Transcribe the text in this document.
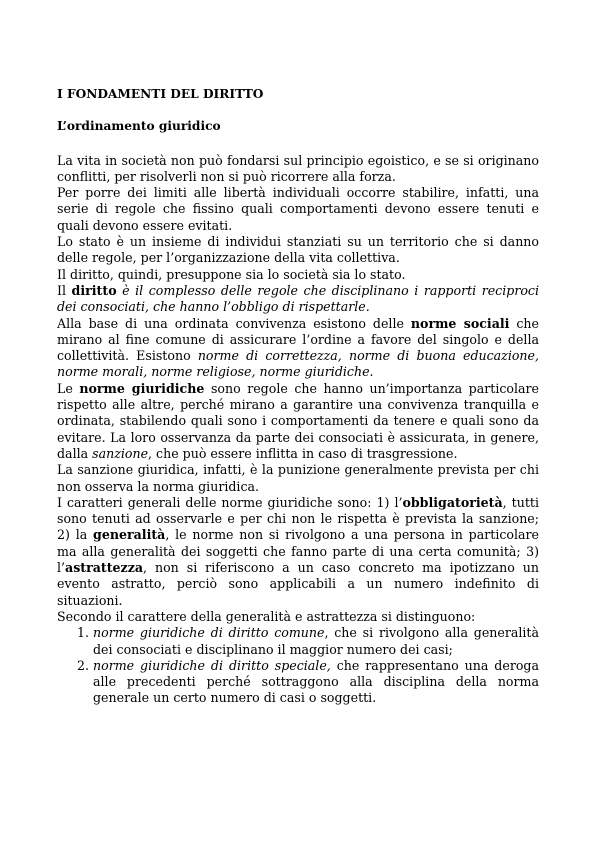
I FONDAMENTI DEL DIRITTO
L’ordinamento giuridico

La vita in società non può fondarsi sul principio egoistico, e se si originano conflitti, per risolverli non si può ricorrere alla forza.

Per porre dei limiti alle libertà individuali occorre stabilire, infatti, una serie di regole che fissino quali comportamenti devono essere tenuti e quali devono essere evitati.

Lo stato è un insieme di individui stanziati su un territorio che si danno delle regole, per l’organizzazione della vita collettiva.

Il diritto, quindi, presuppone sia lo società sia lo stato.

Il diritto è il complesso delle regole che disciplinano i rapporti reciproci dei consociati, che hanno l’obbligo di rispettarle.

Alla base di una ordinata convivenza esistono delle norme sociali che mirano al fine comune di assicurare l’ordine a favore del singolo e della collettività. Esistono norme di correttezza, norme di buona educazione, norme morali, norme religiose, norme giuridiche.

Le norme giuridiche sono regole che hanno un’importanza particolare rispetto alle altre, perché mirano a garantire una convivenza tranquilla e ordinata, stabilendo quali sono i comportamenti da tenere e quali sono da evitare. La loro osservanza da parte dei consociati è assicurata, in genere, dalla sanzione, che può essere inflitta in caso di trasgressione.

La sanzione giuridica, infatti, è la punizione generalmente prevista per chi non osserva la norma giuridica.

I caratteri generali delle norme giuridiche sono: 1) l’obbligatorietà, tutti sono tenuti ad osservarle e per chi non le rispetta è prevista la sanzione; 2) la generalità, le norme non si rivolgono a una persona in particolare ma alla generalità dei soggetti che fanno parte di una certa comunità; 3) l’astrattezza, non si riferiscono a un caso concreto ma ipotizzano un evento astratto, perciò sono applicabili a un numero indefinito di situazioni.

Secondo il carattere della generalità e astrattezza si distinguono:

1. norme giuridiche di diritto comune, che si rivolgono alla generalità dei consociati e disciplinano il maggior numero dei casi;
2. norme giuridiche di diritto speciale, che rappresentano una deroga alle precedenti perché sottraggono alla disciplina della norma generale un certo numero di casi o soggetti.
